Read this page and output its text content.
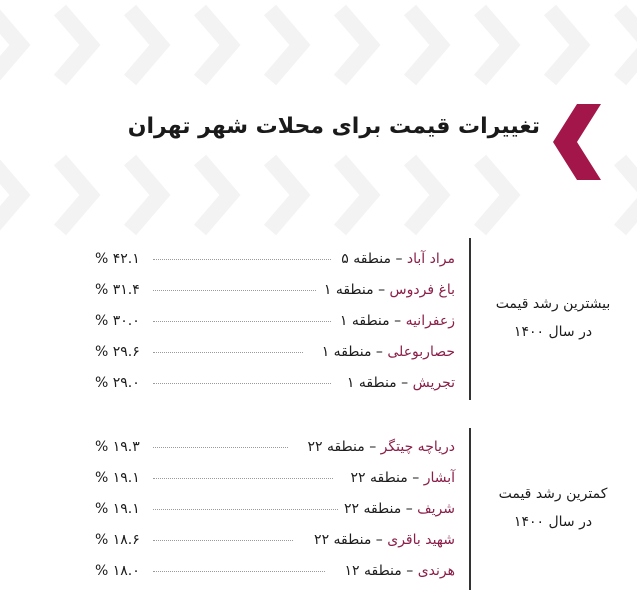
تغییرات قیمت برای محلات شهر تهران
بیشترین رشد قیمت
در سال ۱۴۰۰
۴۲.۱ %	مراد آباد – منطقه ۵
۳۱.۴ %	باغ فردوس – منطقه ۱
۳۰.۰ %	زعفرانیه – منطقه ۱
۲۹.۶ %	حصاربوعلی – منطقه ۱
۲۹.۰ %	تجریش – منطقه ۱
کمترین رشد قیمت
در سال ۱۴۰۰
۱۹.۳ %	دریاچه چیتگر – منطقه ۲۲
۱۹.۱ %	آبشار – منطقه ۲۲
۱۹.۱ %	شریف – منطقه ۲۲
۱۸.۶ %	شهید باقری – منطقه ۲۲
۱۸.۰ %	هرندی – منطقه ۱۲
